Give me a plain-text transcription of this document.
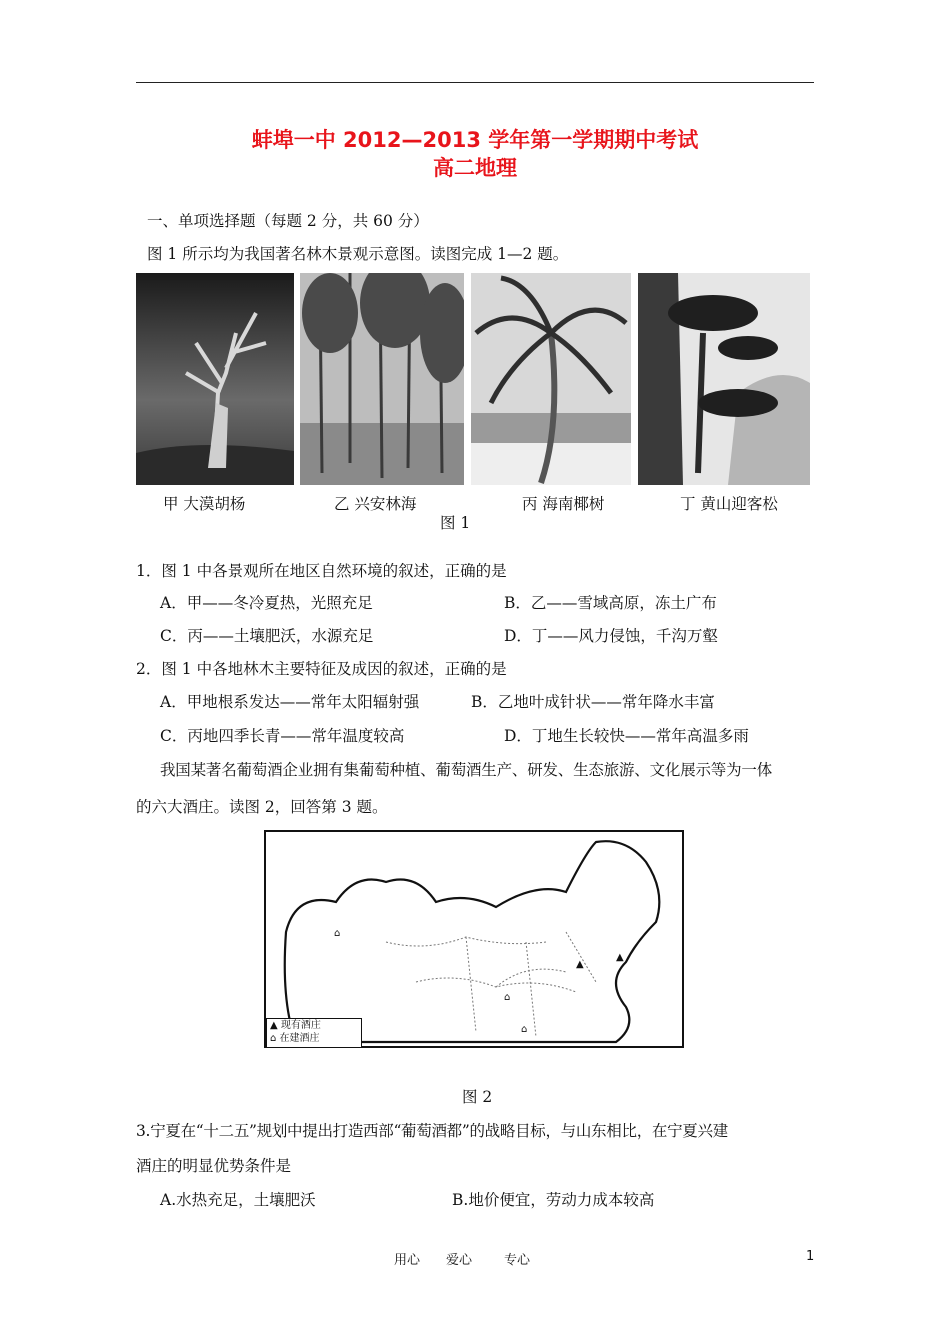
蚌埠一中 2012—2013 学年第一学期期中考试
高二地理
一、单项选择题（每题 2 分，共 60 分）
图 1 所示均为我国著名林木景观示意图。读图完成 1—2 题。
甲 大漠胡杨	乙 兴安林海	丙 海南椰树	丁 黄山迎客松
图 1
1．图 1 中各景观所在地区自然环境的叙述，正确的是
A．甲——冬冷夏热，光照充足	B．乙——雪域高原，冻土广布
C．丙——土壤肥沃，水源充足	D．丁——风力侵蚀，千沟万壑
2．图 1 中各地林木主要特征及成因的叙述，正确的是
A．甲地根系发达——常年太阳辐射强	B．乙地叶成针状——常年降水丰富
C．丙地四季长青——常年温度较高	D．丁地生长较快——常年高温多雨
我国某著名葡萄酒企业拥有集葡萄种植、葡萄酒生产、研发、生态旅游、文化展示等为一体
的六大酒庄。读图 2，回答第 3 题。
⌂
▲
▲
⌂
⌂
▲ 现有酒庄
⌂ 在建酒庄
图 2
3.宁夏在“十二五”规划中提出打造西部“葡萄酒都”的战略目标，与山东相比，在宁夏兴建
酒庄的明显优势条件是
A.水热充足，土壤肥沃	B.地价便宜，劳动力成本较高
用心 爱心 专心	1
